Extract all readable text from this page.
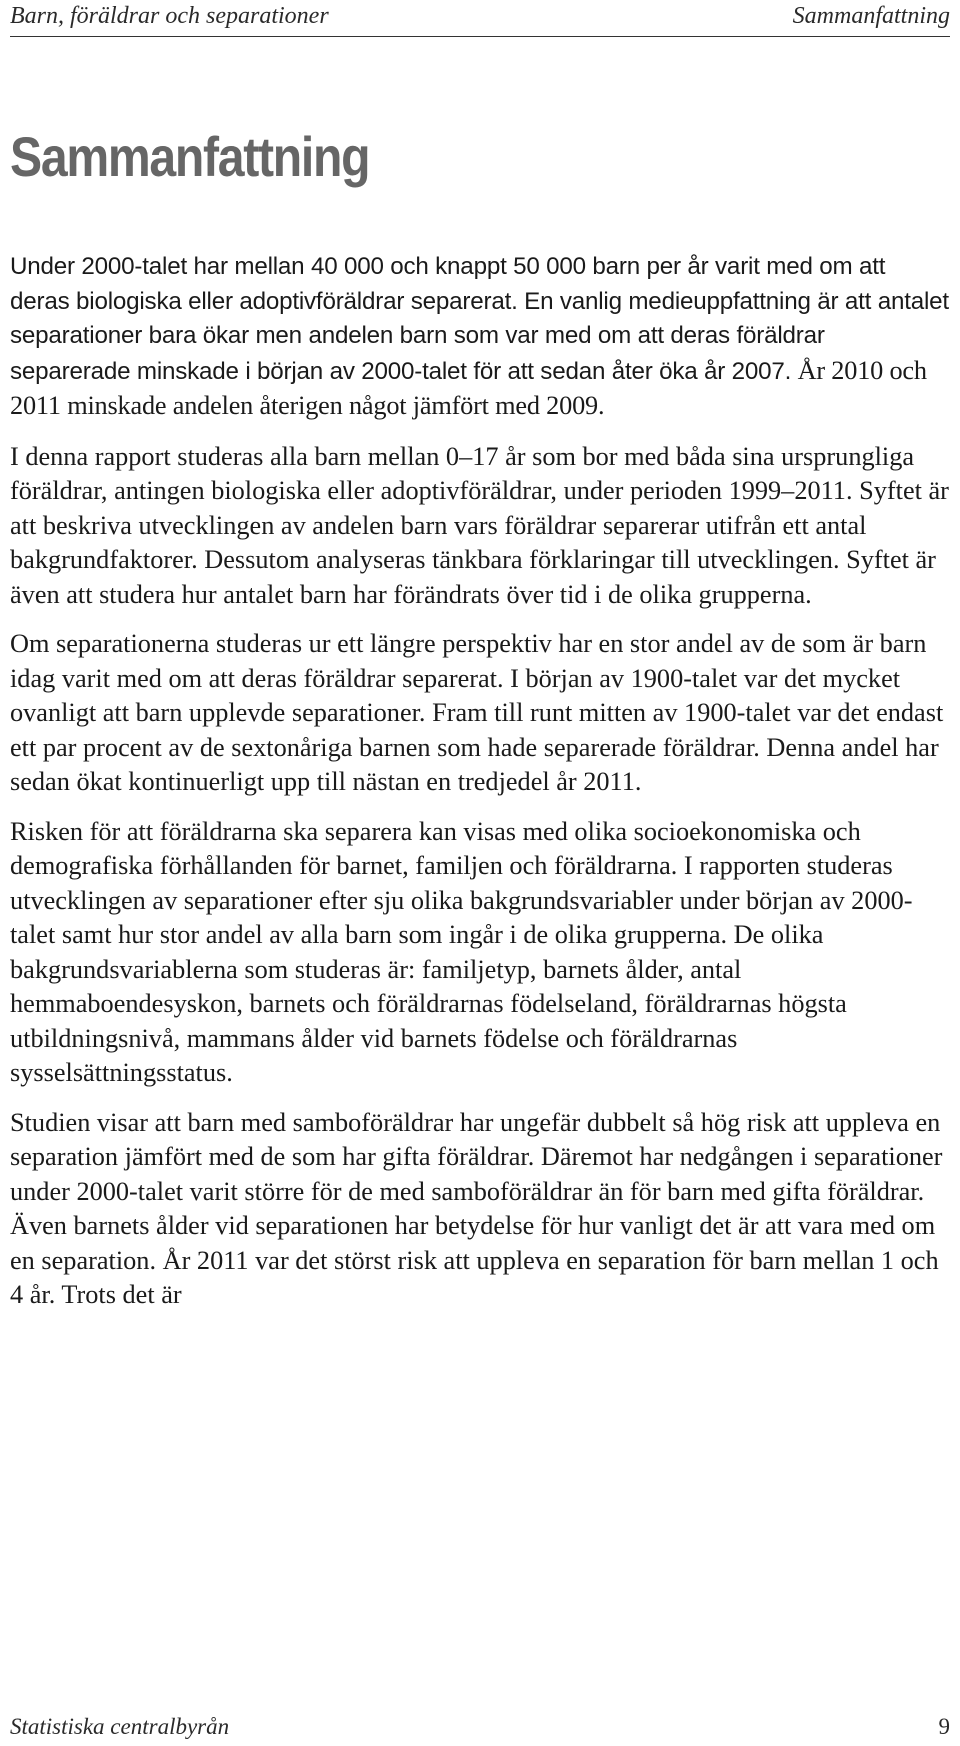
Barn, föräldrar och separationer	Sammanfattning
Sammanfattning

Under 2000-talet har mellan 40 000 och knappt 50 000 barn per år varit med om att deras biologiska eller adoptivföräldrar separerat. En vanlig medieuppfattning är att antalet separationer bara ökar men andelen barn som var med om att deras föräldrar separerade minskade i början av 2000-talet för att sedan åter öka år 2007. År 2010 och 2011 minskade andelen återigen något jämfört med 2009.

I denna rapport studeras alla barn mellan 0–17 år som bor med båda sina ursprungliga föräldrar, antingen biologiska eller adoptivföräldrar, under perioden 1999–2011. Syftet är att beskriva utvecklingen av andelen barn vars föräldrar separerar utifrån ett antal bakgrundfaktorer. Dessutom analyseras tänkbara förklaringar till utvecklingen. Syftet är även att studera hur antalet barn har förändrats över tid i de olika grupperna.

Om separationerna studeras ur ett längre perspektiv har en stor andel av de som är barn idag varit med om att deras föräldrar separerat. I början av 1900-talet var det mycket ovanligt att barn upplevde separationer. Fram till runt mitten av 1900-talet var det endast ett par procent av de sextonåriga barnen som hade separerade föräldrar. Denna andel har sedan ökat kontinuerligt upp till nästan en tredjedel år 2011.

Risken för att föräldrarna ska separera kan visas med olika socioekonomiska och demografiska förhållanden för barnet, familjen och föräldrarna. I rapporten studeras utvecklingen av separationer efter sju olika bakgrundsvariabler under början av 2000-talet samt hur stor andel av alla barn som ingår i de olika grupperna. De olika bakgrundsvariablerna som studeras är: familjetyp, barnets ålder, antal hemmaboendesyskon, barnets och föräldrarnas födelseland, föräldrarnas högsta utbildningsnivå, mammans ålder vid barnets födelse och föräldrarnas sysselsättningsstatus.

Studien visar att barn med samboföräldrar har ungefär dubbelt så hög risk att uppleva en separation jämfört med de som har gifta föräldrar. Däremot har nedgången i separationer under 2000-talet varit större för de med samboföräldrar än för barn med gifta föräldrar. Även barnets ålder vid separationen har betydelse för hur vanligt det är att vara med om en separation. År 2011 var det störst risk att uppleva en separation för barn mellan 1 och 4 år. Trots det är

Statistiska centralbyrån	9
